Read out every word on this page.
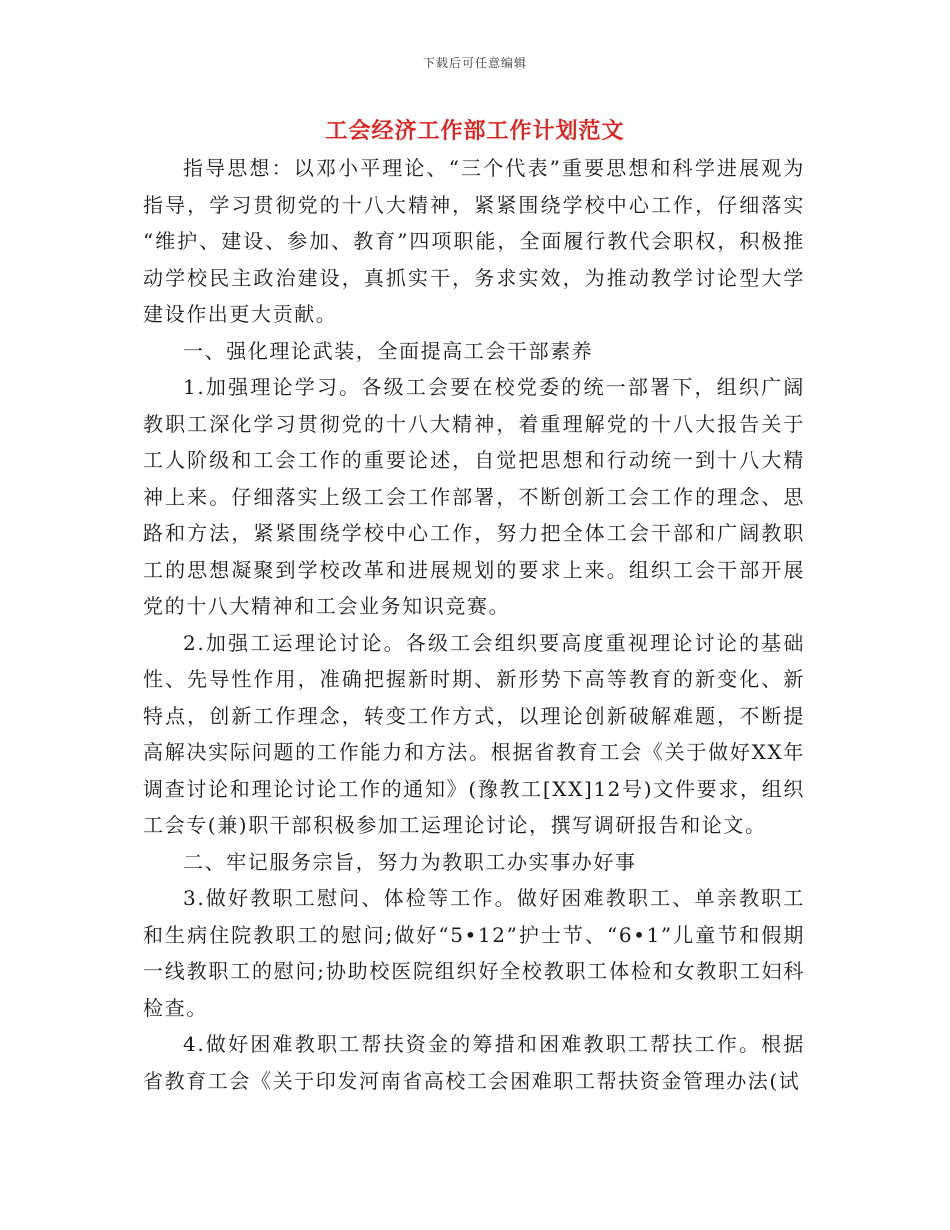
下载后可任意编辑
工会经济工作部工作计划范文

指导思想：以邓小平理论、“三个代表”重要思想和科学进展观为指导，学习贯彻党的十八大精神，紧紧围绕学校中心工作，仔细落实 “维护、建设、参加、教育”四项职能，全面履行教代会职权，积极推动学校民主政治建设，真抓实干，务求实效，为推动教学讨论型大学建设作出更大贡献。

一、强化理论武装，全面提高工会干部素养

1.加强理论学习。各级工会要在校党委的统一部署下，组织广阔教职工深化学习贯彻党的十八大精神，着重理解党的十八大报告关于工人阶级和工会工作的重要论述，自觉把思想和行动统一到十八大精神上来。仔细落实上级工会工作部署，不断创新工会工作的理念、思路和方法，紧紧围绕学校中心工作，努力把全体工会干部和广阔教职工的思想凝聚到学校改革和进展规划的要求上来。组织工会干部开展党的十八大精神和工会业务知识竞赛。

2.加强工运理论讨论。各级工会组织要高度重视理论讨论的基础性、先导性作用，准确把握新时期、新形势下高等教育的新变化、新特点，创新工作理念，转变工作方式，以理论创新破解难题，不断提高解决实际问题的工作能力和方法。根据省教育工会《关于做好XX年调查讨论和理论讨论工作的通知》(豫教工[XX]12号)文件要求，组织工会专(兼)职干部积极参加工运理论讨论，撰写调研报告和论文。

二、牢记服务宗旨，努力为教职工办实事办好事

3.做好教职工慰问、体检等工作。做好困难教职工、单亲教职工和生病住院教职工的慰问;做好“5•12”护士节、“6•1”儿童节和假期一线教职工的慰问;协助校医院组织好全校教职工体检和女教职工妇科检查。

4.做好困难教职工帮扶资金的筹措和困难教职工帮扶工作。根据省教育工会《关于印发河南省高校工会困难职工帮扶资金管理办法(试
